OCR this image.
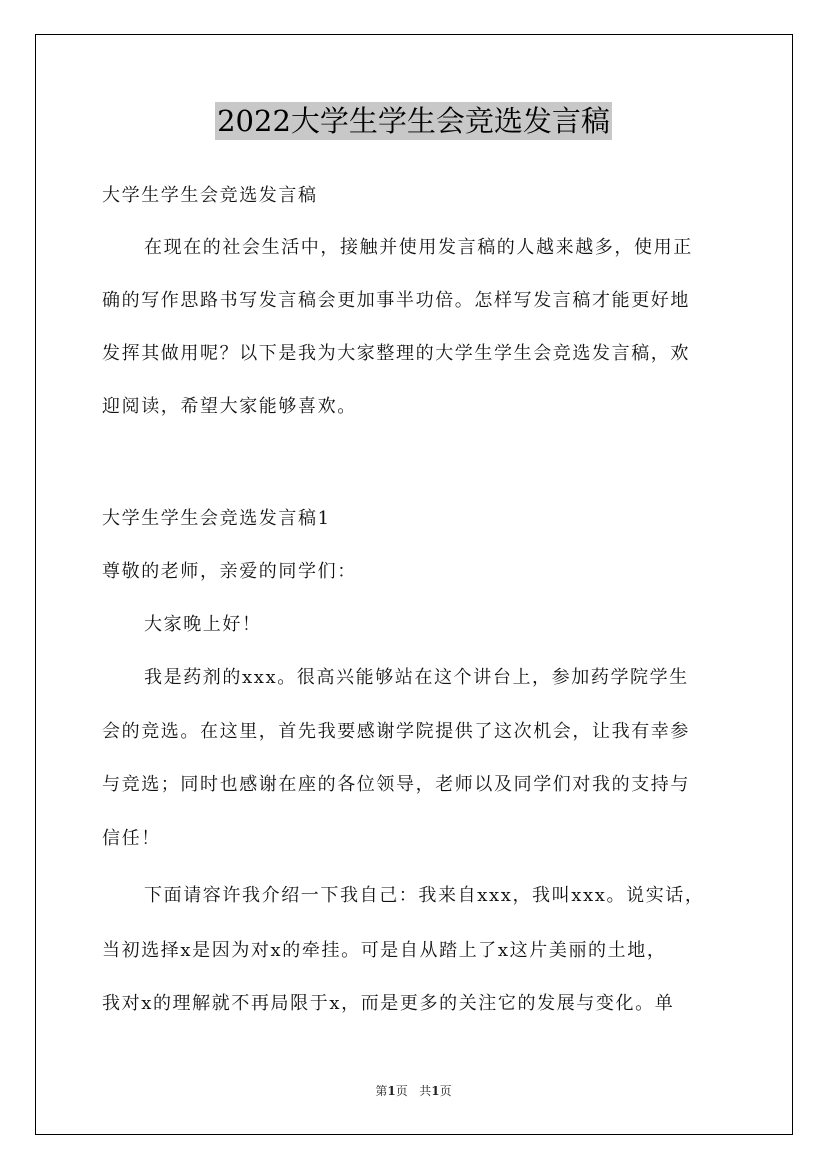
2022大学生学生会竞选发言稿
大学生学生会竞选发言稿
在现在的社会生活中，接触并使用发言稿的人越来越多，使用正
确的写作思路书写发言稿会更加事半功倍。怎样写发言稿才能更好地
发挥其做用呢？以下是我为大家整理的大学生学生会竞选发言稿，欢
迎阅读，希望大家能够喜欢。
大学生学生会竞选发言稿1
尊敬的老师，亲爱的同学们：
大家晚上好！
我是药剂的xxx。很高兴能够站在这个讲台上，参加药学院学生
会的竞选。在这里，首先我要感谢学院提供了这次机会，让我有幸参
与竞选；同时也感谢在座的各位领导，老师以及同学们对我的支持与
信任！
下面请容许我介绍一下我自己：我来自xxx，我叫xxx。说实话，
当初选择x是因为对x的牵挂。可是自从踏上了x这片美丽的土地，
我对x的理解就不再局限于x，而是更多的关注它的发展与变化。单
第1页   共1页
